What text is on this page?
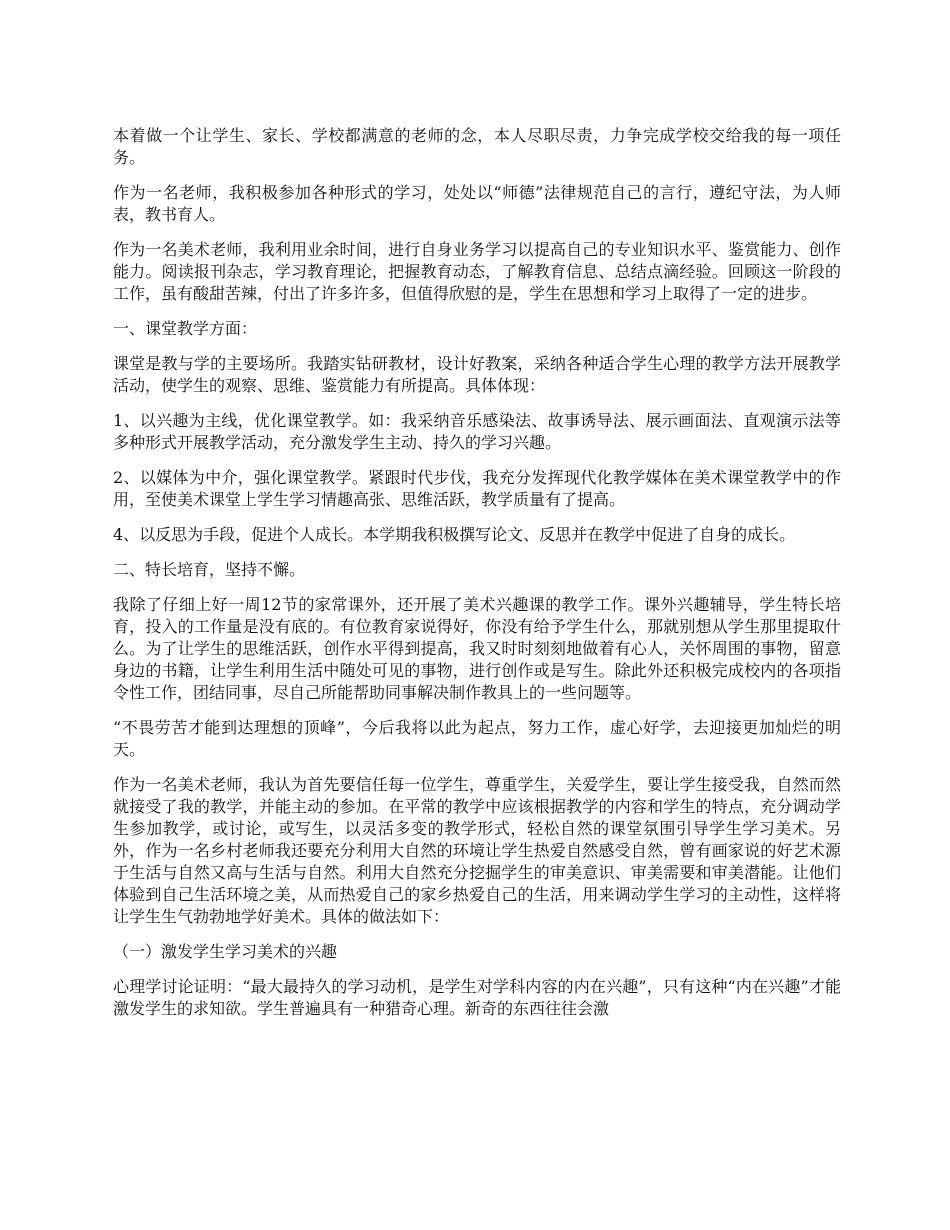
本着做一个让学生、家长、学校都满意的老师的念，本人尽职尽责，力争完成学校交给我的每一项任务。

作为一名老师，我积极参加各种形式的学习，处处以“师德”法律规范自己的言行，遵纪守法，为人师表，教书育人。

作为一名美术老师，我利用业余时间，进行自身业务学习以提高自己的专业知识水平、鉴赏能力、创作能力。阅读报刊杂志，学习教育理论，把握教育动态，了解教育信息、总结点滴经验。回顾这一阶段的工作，虽有酸甜苦辣，付出了许多许多，但值得欣慰的是，学生在思想和学习上取得了一定的进步。

一、课堂教学方面：

课堂是教与学的主要场所。我踏实钻研教材，设计好教案，采纳各种适合学生心理的教学方法开展教学活动，使学生的观察、思维、鉴赏能力有所提高。具体体现：

1、以兴趣为主线，优化课堂教学。如：我采纳音乐感染法、故事诱导法、展示画面法、直观演示法等多种形式开展教学活动，充分激发学生主动、持久的学习兴趣。

2、以媒体为中介，强化课堂教学。紧跟时代步伐，我充分发挥现代化教学媒体在美术课堂教学中的作用，至使美术课堂上学生学习情趣高张、思维活跃，教学质量有了提高。

4、以反思为手段，促进个人成长。本学期我积极撰写论文、反思并在教学中促进了自身的成长。

二、特长培育，坚持不懈。

我除了仔细上好一周12节的家常课外，还开展了美术兴趣课的教学工作。课外兴趣辅导，学生特长培育，投入的工作量是没有底的。有位教育家说得好，你没有给予学生什么，那就别想从学生那里提取什么。为了让学生的思维活跃，创作水平得到提高，我又时时刻刻地做着有心人，关怀周围的事物，留意身边的书籍，让学生利用生活中随处可见的事物，进行创作或是写生。除此外还积极完成校内的各项指令性工作，团结同事，尽自己所能帮助同事解决制作教具上的一些问题等。

“不畏劳苦才能到达理想的顶峰”，今后我将以此为起点，努力工作，虚心好学，去迎接更加灿烂的明天。

作为一名美术老师，我认为首先要信任每一位学生，尊重学生，关爱学生，要让学生接受我，自然而然就接受了我的教学，并能主动的参加。在平常的教学中应该根据教学的内容和学生的特点，充分调动学生参加教学，或讨论，或写生，以灵活多变的教学形式，轻松自然的课堂氛围引导学生学习美术。另外，作为一名乡村老师我还要充分利用大自然的环境让学生热爱自然感受自然，曾有画家说的好艺术源于生活与自然又高与生活与自然。利用大自然充分挖掘学生的审美意识、审美需要和审美潜能。让他们体验到自己生活环境之美，从而热爱自己的家乡热爱自己的生活，用来调动学生学习的主动性，这样将让学生生气勃勃地学好美术。具体的做法如下：

（一）激发学生学习美术的兴趣

心理学讨论证明：“最大最持久的学习动机，是学生对学科内容的内在兴趣”，只有这种“内在兴趣”才能激发学生的求知欲。学生普遍具有一种猎奇心理。新奇的东西往往会激
